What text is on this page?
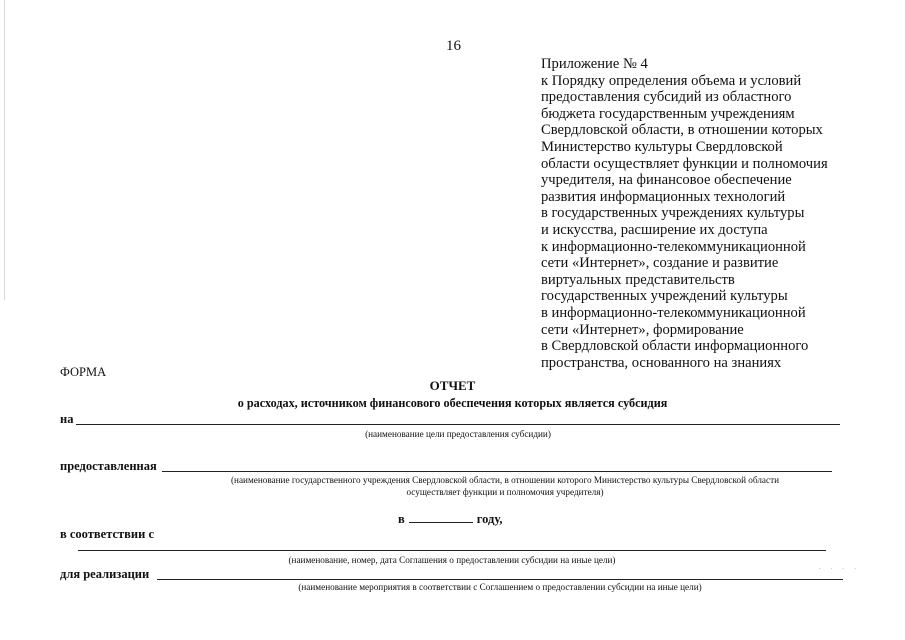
16
Приложение № 4
к Порядку определения объема и условий
предоставления субсидий из областного
бюджета государственным учреждениям
Свердловской области, в отношении которых
Министерство культуры Свердловской
области осуществляет функции и полномочия
учредителя, на финансовое обеспечение
развития информационных технологий
в государственных учреждениях культуры
и искусства, расширение их доступа
к информационно-телекоммуникационной
сети «Интернет», создание и развитие
виртуальных представительств
государственных учреждений культуры
в информационно-телекоммуникационной
сети «Интернет», формирование
в Свердловской области информационного
пространства, основанного на знаниях
ФОРМА
ОТЧЕТ
о расходах, источником финансового обеспечения которых является субсидия
на
(наименование цели предоставления субсидии)
предоставленная
(наименование государственного учреждения Свердловской области, в отношении которого Министерство культуры Свердловской области
осуществляет функции и полномочия учредителя)
в	году,
в соответствии с
(наименование, номер, дата Соглашения о предоставлении субсидии на иные цели)
для реализации
(наименование мероприятия в соответствии с Соглашением о предоставлении субсидии на иные цели)
· · · ·
